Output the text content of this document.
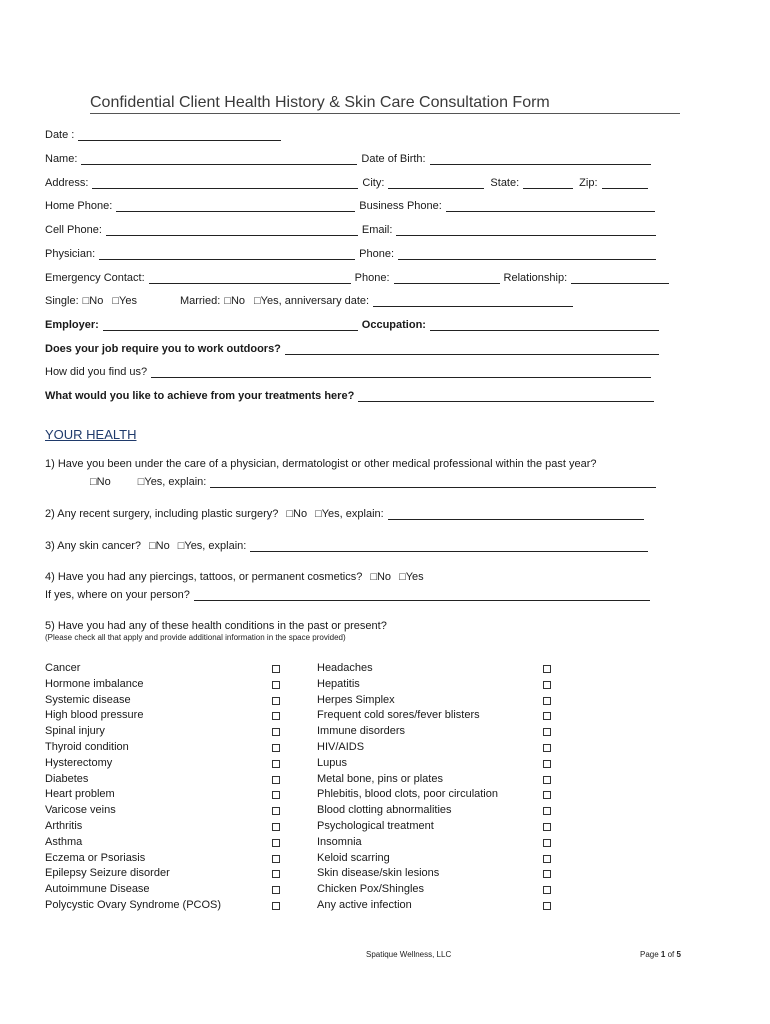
Confidential Client Health History & Skin Care Consultation Form
Date :
Name:	Date of Birth:
Address:	City:	State:	Zip:
Home Phone:	Business Phone:
Cell Phone:	Email:
Physician:	Phone:
Emergency Contact:	Phone:	Relationship:
Single: □No □Yes	Married: □No □Yes, anniversary date:
Employer:	Occupation:
Does your job require you to work outdoors?
How did you find us?
What would you like to achieve from your treatments here?
YOUR HEALTH
1) Have you been under the care of a physician, dermatologist or other medical professional within the past year?
□No □Yes, explain:
2) Any recent surgery, including plastic surgery? □No □Yes, explain:
3) Any skin cancer? □No □Yes, explain:
4) Have you had any piercings, tattoos, or permanent cosmetics? □No □Yes
If yes, where on your person?
5) Have you had any of these health conditions in the past or present?
(Please check all that apply and provide additional information in the space provided)
Cancer
Hormone imbalance
Systemic disease
High blood pressure
Spinal injury
Thyroid condition
Hysterectomy
Diabetes
Heart problem
Varicose veins
Arthritis
Asthma
Eczema or Psoriasis
Epilepsy Seizure disorder
Autoimmune Disease
Polycystic Ovary Syndrome (PCOS)
Headaches
Hepatitis
Herpes Simplex
Frequent cold sores/fever blisters
Immune disorders
HIV/AIDS
Lupus
Metal bone, pins or plates
Phlebitis, blood clots, poor circulation
Blood clotting abnormalities
Psychological treatment
Insomnia
Keloid scarring
Skin disease/skin lesions
Chicken Pox/Shingles
Any active infection
Spatique Wellness, LLC	Page 1 of 5
